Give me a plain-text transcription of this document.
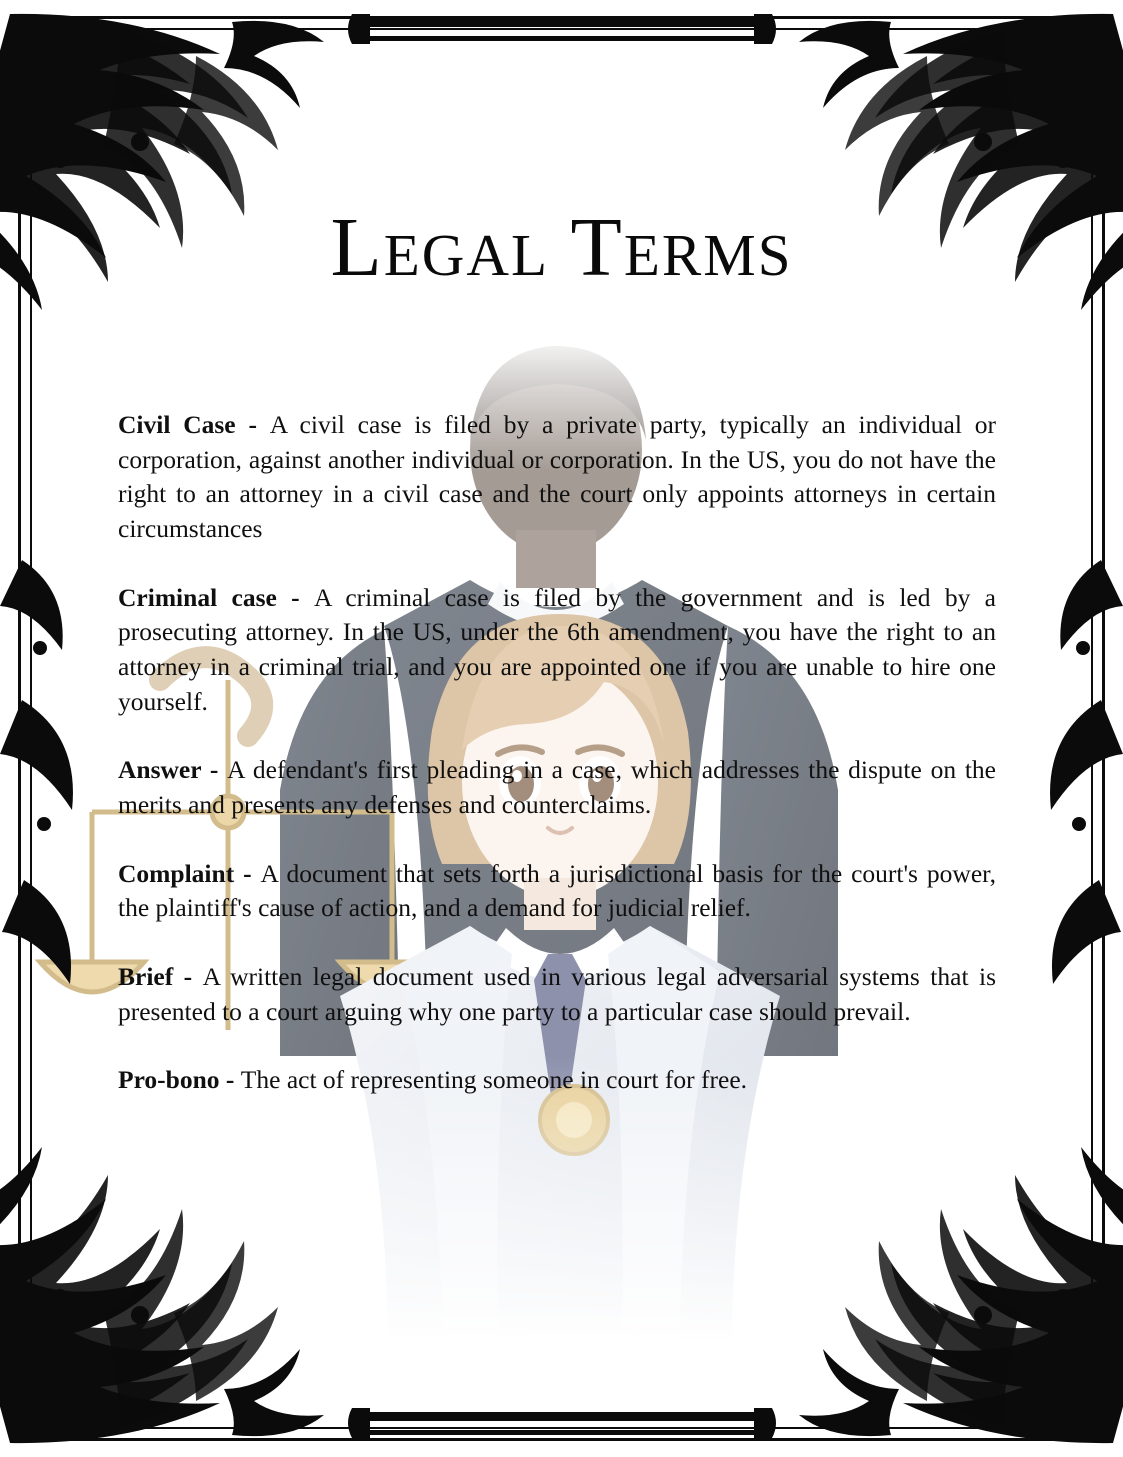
Legal Terms

Civil Case - A civil case is filed by a private party, typically an individual or corporation, against another individual or corporation. In the US, you do not have the right to an attorney in a civil case and the court only appoints attorneys in certain circumstances

Criminal case - A criminal case is filed by the government and is led by a prosecuting attorney. In the US, under the 6th amendment, you have the right to an attorney in a criminal trial, and you are appointed one if you are unable to hire one yourself.

Answer - A defendant's first pleading in a case, which addresses the dispute on the merits and presents any defenses and counterclaims.

Complaint - A document that sets forth a jurisdictional basis for the court's power, the plaintiff's cause of action, and a demand for judicial relief.

Brief - A written legal document used in various legal adversarial systems that is presented to a court arguing why one party to a particular case should prevail.

Pro-bono - The act of representing someone in court for free.
